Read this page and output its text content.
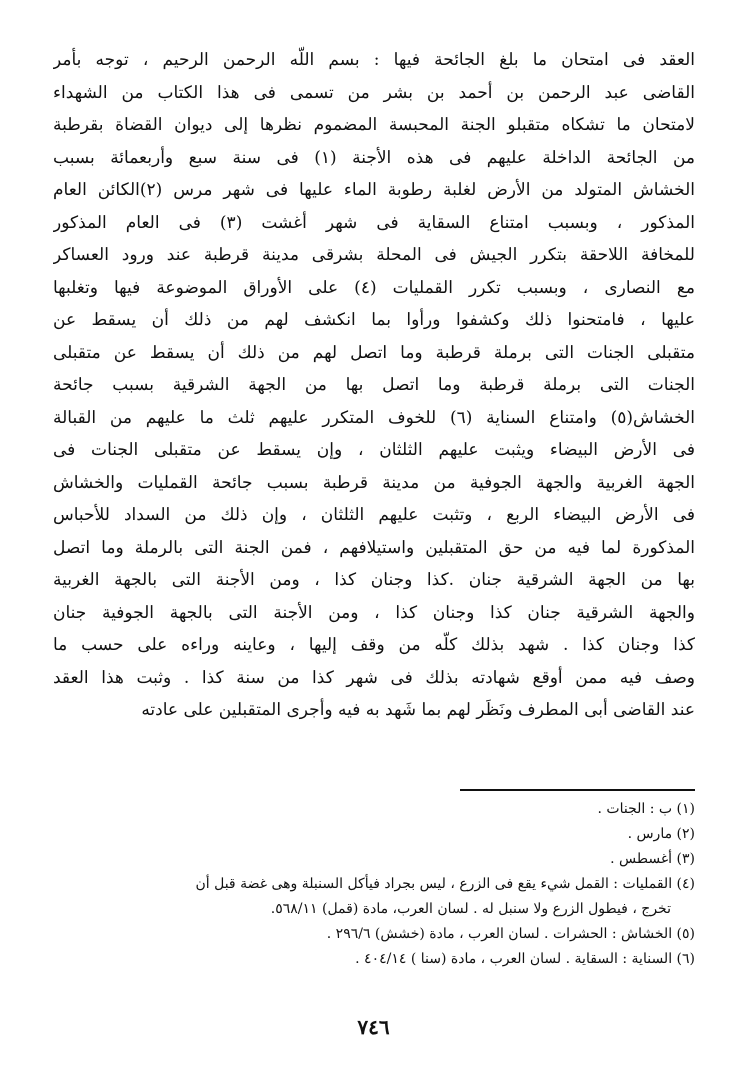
العقد فى امتحان ما بلغ الجائحة فيها : بسم اللّه الرحمن الرحيم ، توجه بأمر
القاضى عبد الرحمن بن أحمد بن بشر من تسمى فى هذا الكتاب من الشهداء
لامتحان ما تشكاه متقبلو الجنة المحبسة المضموم نظرها إلى ديوان القضاة بقرطبة
من الجائحة الداخلة عليهم فى هذه الأجنة (١) فى سنة سبع وأربعمائة بسبب
الخشاش المتولد من الأرض لغلبة رطوبة الماء عليها فى شهر مرس (٢)الكائن العام
المذكور ، وبسبب امتناع السقاية فى شهر أغشت (٣) فى العام المذكور
للمخافة اللاحقة بتكرر الجيش فى المحلة بشرقى مدينة قرطبة عند ورود العساكر
مع النصارى ، وبسبب تكرر القمليات (٤) على الأوراق الموضوعة فيها وتغلبها
عليها ، فامتحنوا ذلك وكشفوا ورأوا بما انكشف لهم من ذلك أن يسقط عن
متقبلى الجنات التى برملة قرطبة وما اتصل لهم من ذلك أن يسقط عن متقبلى
الجنات التى برملة قرطبة وما اتصل بها من الجهة الشرقية بسبب جائحة
الخشاش(٥) وامتناع السناية (٦) للخوف المتكرر عليهم ثلث ما عليهم من القبالة
فى الأرض البيضاء ويثبت عليهم الثلثان ، وإن يسقط عن متقبلى الجنات فى
الجهة الغربية والجهة الجوفية من مدينة قرطبة بسبب جائحة القمليات والخشاش
فى الأرض البيضاء الربع ، وتثبت عليهم الثلثان ، وإن ذلك من السداد للأحباس
المذكورة لما فيه من حق المتقبلين واستيلافهم ، فمن الجنة التى بالرملة وما اتصل
بها من الجهة الشرقية جنان .كذا وجنان كذا ، ومن الأجنة التى بالجهة الغربية
والجهة الشرقية جنان كذا وجنان كذا ، ومن الأجنة التى بالجهة الجوفية جنان
كذا وجنان كذا . شهد بذلك كلّه من وقف إليها ، وعاينه وراءه على حسب ما
وصف فيه ممن أوقع شهادته بذلك فى شهر كذا من سنة كذا . وثبت هذا العقد
عند القاضى أبى المطرف ونَظَر لهم بما شَهد به فيه وأجرى المتقبلين على عادته
(١) ب : الجنات .
(٢) مارس .
(٣) أغسطس .
(٤) القمليات : القمل شيء يقع فى الزرع ، ليس بجراد فيأكل السنبلة وهى غضة قبل أن
تخرج ، فيطول الزرع ولا سنبل له . لسان العرب، مادة (قمل) ٥٦٨/١١.
(٥) الخشاش : الحشرات . لسان العرب ، مادة (خشش) ٢٩٦/٦ .
(٦) السناية : السقاية . لسان العرب ، مادة (سنا ) ٤٠٤/١٤ .
٧٤٦
